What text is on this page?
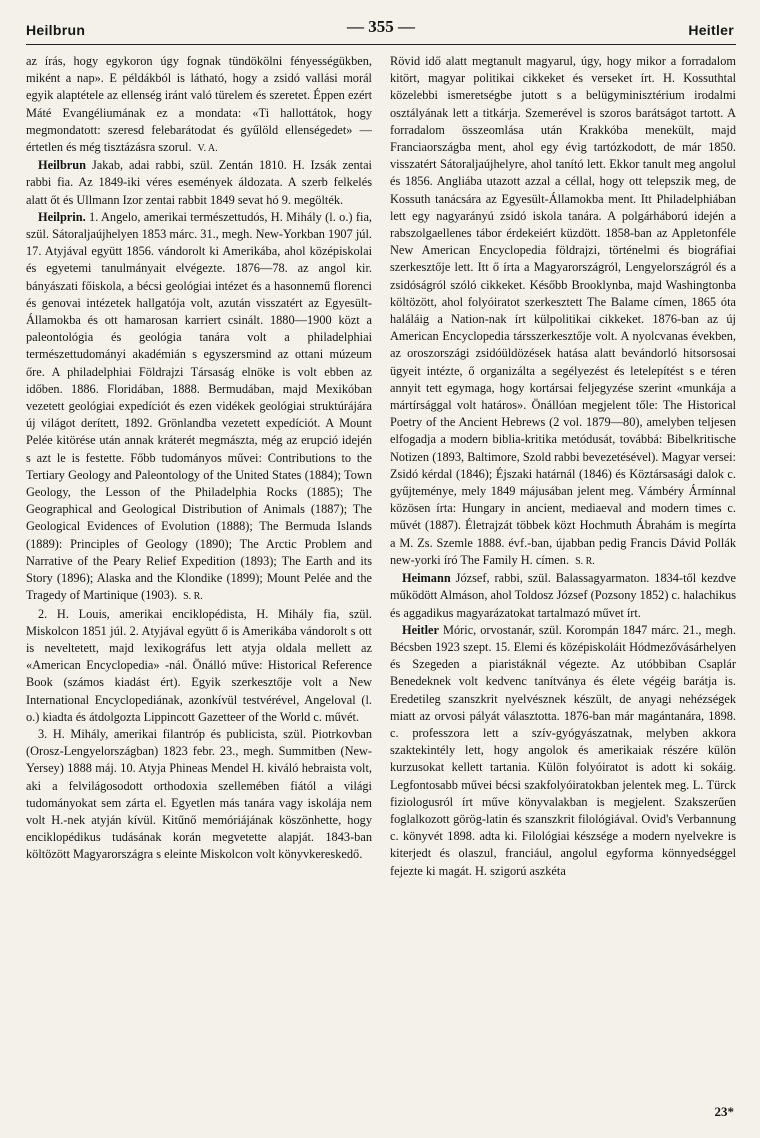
Heilbrun	— 355 —	Heitler

az írás, hogy egykoron úgy fognak tündökölni fényességükben, miként a nap». E példákból is látható, hogy a zsidó vallási morál egyik alaptétele az ellenség iránt való türelem és szeretet. Éppen ezért Máté Evangéliumának ez a mondata: «Ti hallottátok, hogy megmondatott: szeresd felebarátodat és gyűlöld ellenségedet» — értetlen és még tisztázásra szorul. V. A.

Heilbrun Jakab, adai rabbi, szül. Zentán 1810. H. Izsák zentai rabbi fia. Az 1849-iki véres események áldozata. A szerb felkelés alatt őt és Ullmann Izor zentai rabbit 1849 sevat hó 9. megölték.

Heilprin. 1. Angelo, amerikai természettudós, H. Mihály (l. o.) fia, szül. Sátoraljaújhelyen 1853 márc. 31., megh. New-Yorkban 1907 júl. 17. Atyjával együtt 1856. vándorolt ki Amerikába, ahol középiskolai és egyetemi tanulmányait elvégezte. 1876—78. az angol kir. bányászati főiskola, a bécsi geológiai intézet és a hasonnemű florenci és genovai intézetek hallgatója volt, azután visszatért az Egyesült-Államokba és ott hamarosan karriert csinált. 1880—1900 közt a paleontológia és geológia tanára volt a philadelphiai természettudományi akadémián s egyszersmind az ottani múzeum őre. A philadelphiai Földrajzi Társaság elnöke is volt ebben az időben. 1886. Floridában, 1888. Bermudában, majd Mexikóban vezetett geológiai expedíciót és ezen vidékek geológiai struktúrájára új világot derített, 1892. Grönlandba vezetett expedíciót. A Mount Pelée kitörése után annak kráterét megmászta, még az erupció idején s azt le is festette. Főbb tudományos művei: Contributions to the Tertiary Geology and Paleontology of the United States (1884); Town Geology, the Lesson of the Philadelphia Rocks (1885); The Geographical and Geological Distribution of Animals (1887); The Geological Evidences of Evolution (1888); The Bermuda Islands (1889): Principles of Geology (1890); The Arctic Problem and Narrative of the Peary Relief Expedition (1893); The Earth and its Story (1896); Alaska and the Klondike (1899); Mount Pelée and the Tragedy of Martinique (1903). S. R.

2. H. Louis, amerikai enciklopédista, H. Mihály fia, szül. Miskolcon 1851 júl. 2. Atyjával együtt ő is Amerikába vándorolt s ott is neveltetett, majd lexikográfus lett atyja oldala mellett az «American Encyclopedia» -nál. Önálló műve: Historical Reference Book (számos kiadást ért). Egyik szerkesztője volt a New International Encyclopediának, azonkívül testvérével, Angeloval (l. o.) kiadta és átdolgozta Lippincott Gazetteer of the World c. művét.

3. H. Mihály, amerikai filantróp és publicista, szül. Piotrkovban (Orosz-Lengyelországban) 1823 febr. 23., megh. Summitben (New-Yersey) 1888 máj. 10. Atyja Phineas Mendel H. kiváló hebraista volt, aki a felvilágosodott orthodoxia szellemében fiától a világi tudományokat sem zárta el. Egyetlen más tanára vagy iskolája nem volt H.-nek atyján kívül. Kitűnő memóriájának köszönhette, hogy enciklopédikus tudásának korán megvetette alapját. 1843-ban költözött Magyarországra s eleinte Miskolcon volt könyvkereskedő.

Rövid idő alatt megtanult magyarul, úgy, hogy mikor a forradalom kitört, magyar politikai cikkeket és verseket írt. H. Kossuthtal közelebbi ismeretségbe jutott s a belügyminisztérium irodalmi osztályának lett a titkárja. Szemerével is szoros barátságot tartott. A forradalom összeomlása után Krakkóba menekült, majd Franciaországba ment, ahol egy évig tartózkodott, de már 1850. visszatért Sátoraljaújhelyre, ahol tanító lett. Ekkor tanult meg angolul és 1856. Angliába utazott azzal a céllal, hogy ott telepszik meg, de Kossuth tanácsára az Egyesült-Államokba ment. Itt Philadelphiában lett egy nagyarányú zsidó iskola tanára. A polgárháború idején a rabszolgaellenes tábor érdekeiért küzdött. 1858-ban az Appletonféle New American Encyclopedia földrajzi, történelmi és biográfiai szerkesztője lett. Itt ő írta a Magyarországról, Lengyelországról és a zsidóságról szóló cikkeket. Később Brooklynba, majd Washingtonba költözött, ahol folyóiratot szerkesztett The Balame címen, 1865 óta haláláig a Nation-nak írt külpolitikai cikkeket. 1876-ban az új American Encyclopedia társszerkesztője volt. A nyolcvanas években, az oroszországi zsidóüldözések hatása alatt bevándorló hitsorsosai ügyeit intézte, ő organizálta a segélyezést és letelepítést s e téren annyit tett egymaga, hogy kortársai feljegyzése szerint «munkája a mártírsággal volt határos». Önállóan megjelent tőle: The Historical Poetry of the Ancient Hebrews (2 vol. 1879—80), amelyben teljesen elfogadja a modern biblia-kritika metódusát, továbbá: Bibelkritische Notizen (1893, Baltimore, Szold rabbi bevezetésével). Magyar versei: Zsidó kérdal (1846); Éjszaki határnál (1846) és Köztársasági dalok c. gyűjteménye, mely 1849 májusában jelent meg. Vámbéry Ármínnal közösen írta: Hungary in ancient, mediaeval and modern times c. művét (1887). Életrajzát többek közt Hochmuth Ábrahám is megírta a M. Zs. Szemle 1888. évf.-ban, újabban pedig Francis Dávid Pollák new-yorki író The Family H. címen. S. R.

Heimann József, rabbi, szül. Balassagyarmaton. 1834-től kezdve működött Almáson, ahol Toldosz József (Pozsony 1852) c. halachikus és aggadikus magyarázatokat tartalmazó művet írt.

Heitler Móric, orvostanár, szül. Korompán 1847 márc. 21., megh. Bécsben 1923 szept. 15. Elemi és középiskoláit Hódmezővásárhelyen és Szegeden a piaristáknál végezte. Az utóbbiban Csaplár Benedeknek volt kedvenc tanítványa és élete végéig barátja is. Eredetileg szanszkrit nyelvésznek készült, de anyagi nehézségek miatt az orvosi pályát választotta. 1876-ban már magántanára, 1898. c. professzora lett a szív-gyógyászatnak, melyben akkora szaktekintély lett, hogy angolok és amerikaiak részére külön kurzusokat kellett tartania. Külön folyóiratot is adott ki sokáig. Legfontosabb művei bécsi szakfolyóiratokban jelentek meg. L. Türck fiziologusról írt műve könyvalakban is megjelent. Szakszerűen foglalkozott görög-latin és szanszkrit filológiával. Ovid's Verbannung c. könyvét 1898. adta ki. Filológiai készsége a modern nyelvekre is kiterjedt és olaszul, franciául, angolul egyforma könnyedséggel fejezte ki magát. H. szigorú aszkéta

23*
